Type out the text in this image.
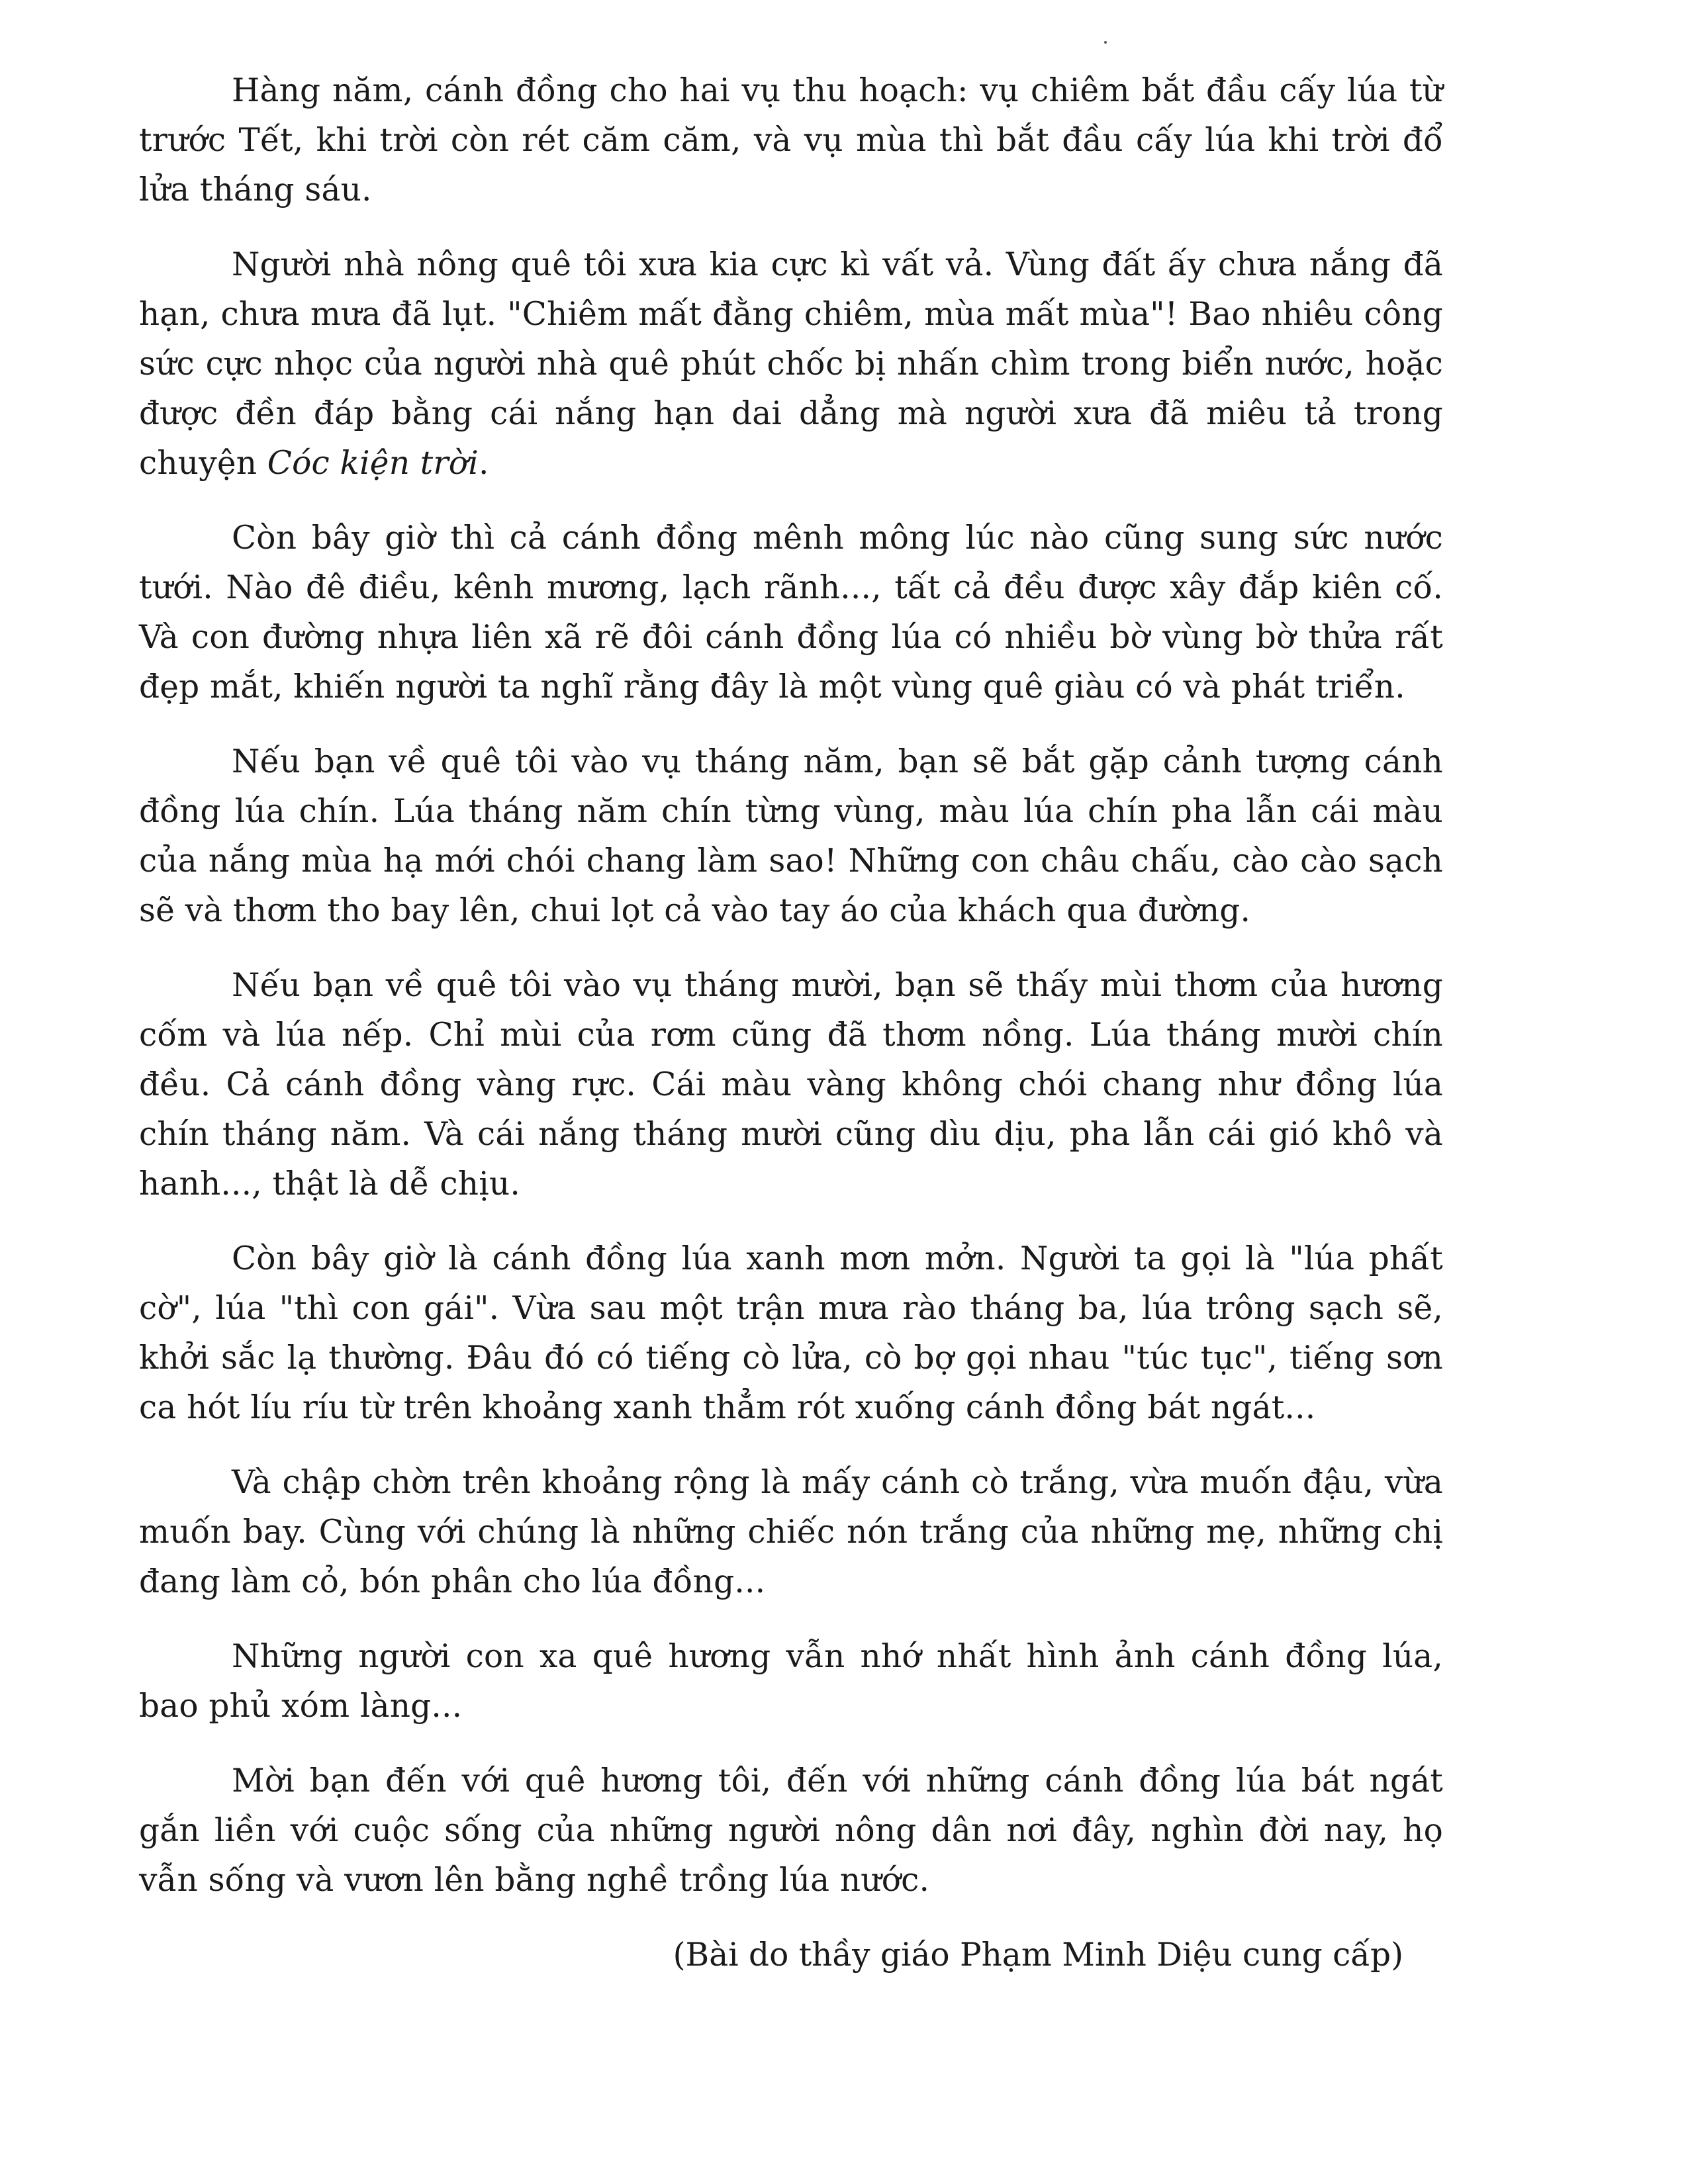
Hàng năm, cánh đồng cho hai vụ thu hoạch: vụ chiêm bắt đầu cấy lúa từ trước Tết, khi trời còn rét căm căm, và vụ mùa thì bắt đầu cấy lúa khi trời đổ lửa tháng sáu.

Người nhà nông quê tôi xưa kia cực kì vất vả. Vùng đất ấy chưa nắng đã hạn, chưa mưa đã lụt. "Chiêm mất đằng chiêm, mùa mất mùa"! Bao nhiêu công sức cực nhọc của người nhà quê phút chốc bị nhấn chìm trong biển nước, hoặc được đền đáp bằng cái nắng hạn dai dẳng mà người xưa đã miêu tả trong chuyện Cóc kiện trời.

Còn bây giờ thì cả cánh đồng mênh mông lúc nào cũng sung sức nước tưới. Nào đê điều, kênh mương, lạch rãnh..., tất cả đều được xây đắp kiên cố. Và con đường nhựa liên xã rẽ đôi cánh đồng lúa có nhiều bờ vùng bờ thửa rất đẹp mắt, khiến người ta nghĩ rằng đây là một vùng quê giàu có và phát triển.

Nếu bạn về quê tôi vào vụ tháng năm, bạn sẽ bắt gặp cảnh tượng cánh đồng lúa chín. Lúa tháng năm chín từng vùng, màu lúa chín pha lẫn cái màu của nắng mùa hạ mới chói chang làm sao! Những con châu chấu, cào cào sạch sẽ và thơm tho bay lên, chui lọt cả vào tay áo của khách qua đường.

Nếu bạn về quê tôi vào vụ tháng mười, bạn sẽ thấy mùi thơm của hương cốm và lúa nếp. Chỉ mùi của rơm cũng đã thơm nồng. Lúa tháng mười chín đều. Cả cánh đồng vàng rực. Cái màu vàng không chói chang như đồng lúa chín tháng năm. Và cái nắng tháng mười cũng dìu dịu, pha lẫn cái gió khô và hanh..., thật là dễ chịu.

Còn bây giờ là cánh đồng lúa xanh mơn mởn. Người ta gọi là "lúa phất cờ", lúa "thì con gái". Vừa sau một trận mưa rào tháng ba, lúa trông sạch sẽ, khởi sắc lạ thường. Đâu đó có tiếng cò lửa, cò bợ gọi nhau "túc tục", tiếng sơn ca hót líu ríu từ trên khoảng xanh thẳm rót xuống cánh đồng bát ngát...

Và chập chờn trên khoảng rộng là mấy cánh cò trắng, vừa muốn đậu, vừa muốn bay. Cùng với chúng là những chiếc nón trắng của những mẹ, những chị đang làm cỏ, bón phân cho lúa đồng...

Những người con xa quê hương vẫn nhớ nhất hình ảnh cánh đồng lúa, bao phủ xóm làng...

Mời bạn đến với quê hương tôi, đến với những cánh đồng lúa bát ngát gắn liền với cuộc sống của những người nông dân nơi đây, nghìn đời nay, họ vẫn sống và vươn lên bằng nghề trồng lúa nước.

(Bài do thầy giáo Phạm Minh Diệu cung cấp)
